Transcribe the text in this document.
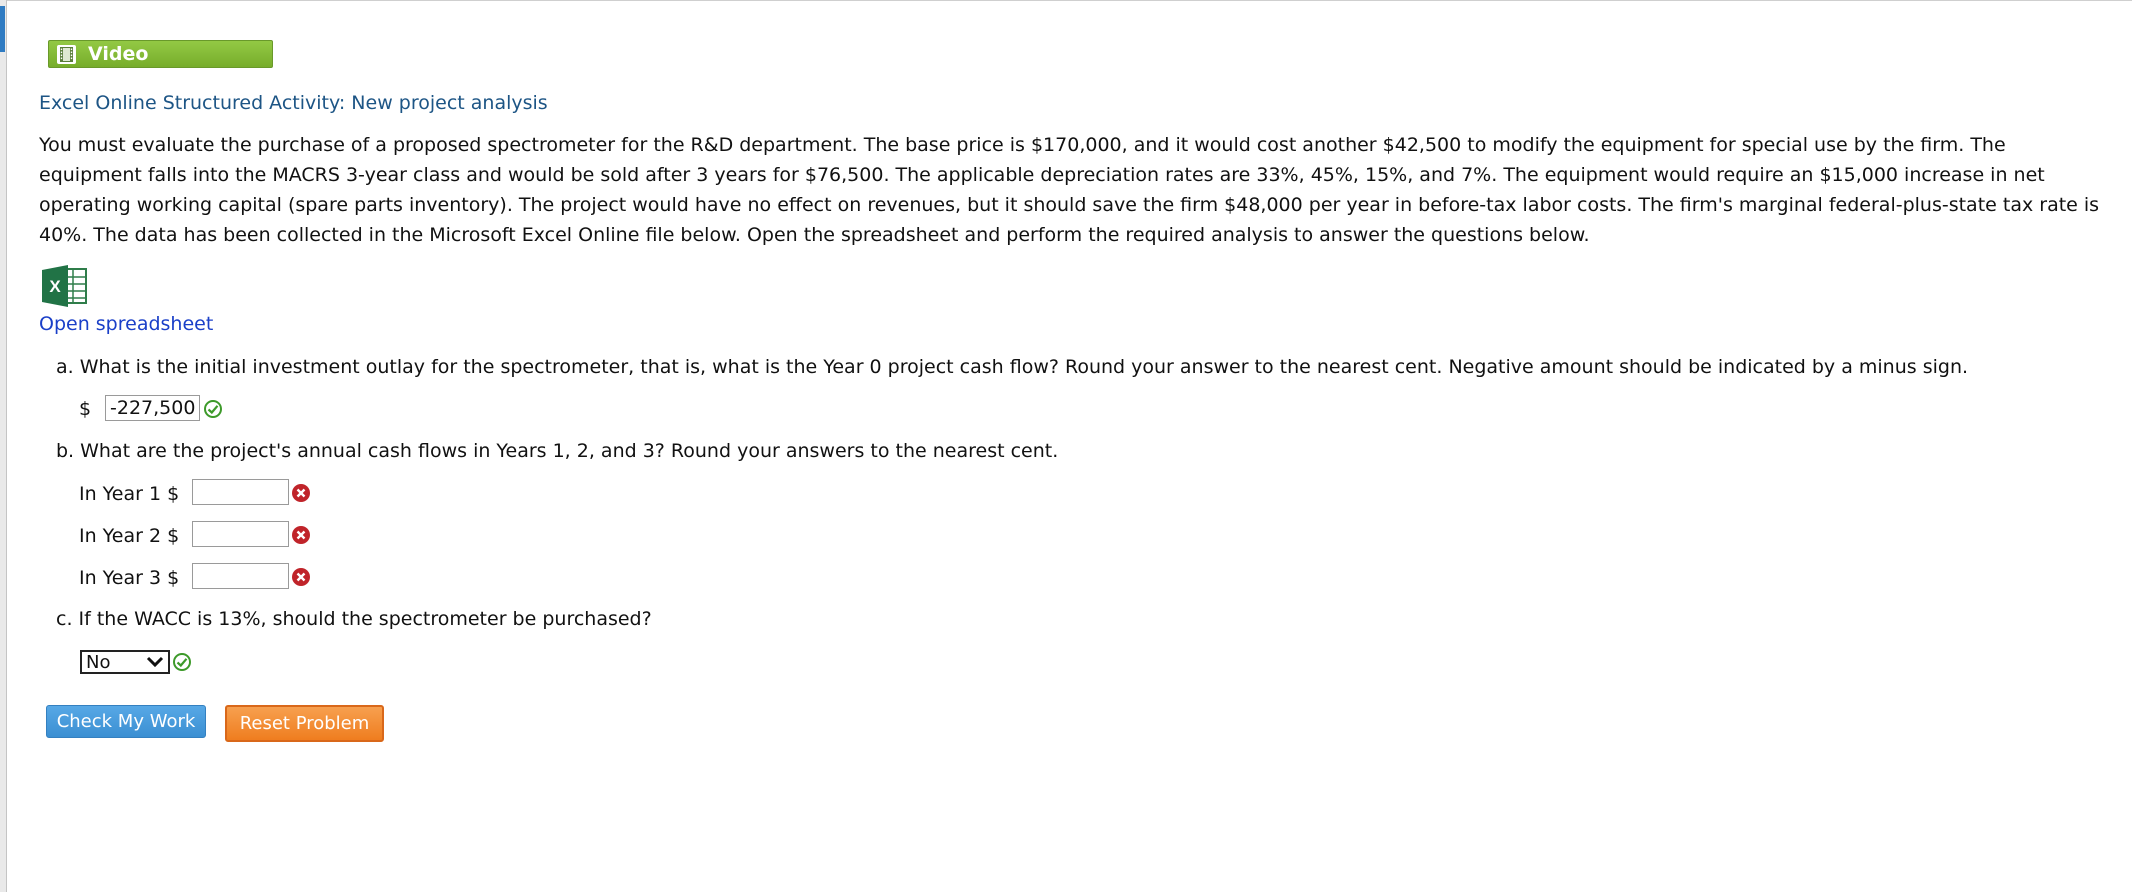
Video
Excel Online Structured Activity: New project analysis
You must evaluate the purchase of a proposed spectrometer for the R&D department. The base price is $170,000, and it would cost another $42,500 to modify the equipment for special use by the firm. The equipment falls into the MACRS 3-year class and would be sold after 3 years for $76,500. The applicable depreciation rates are 33%, 45%, 15%, and 7%. The equipment would require an $15,000 increase in net operating working capital (spare parts inventory). The project would have no effect on revenues, but it should save the firm $48,000 per year in before-tax labor costs. The firm's marginal federal-plus-state tax rate is 40%. The data has been collected in the Microsoft Excel Online file below. Open the spreadsheet and perform the required analysis to answer the questions below.
X
Open spreadsheet
a. What is the initial investment outlay for the spectrometer, that is, what is the Year 0 project cash flow? Round your answer to the nearest cent. Negative amount should be indicated by a minus sign.
$
-227,500
b. What are the project's annual cash flows in Years 1, 2, and 3? Round your answers to the nearest cent.
In Year 1 $
In Year 2 $
In Year 3 $
c. If the WACC is 13%, should the spectrometer be purchased?
No
Check My Work	Reset Problem
